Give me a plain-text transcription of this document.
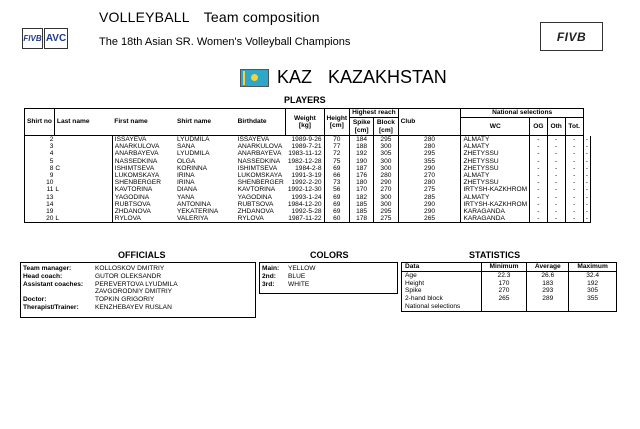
FIVB AVC
VOLLEYBALL Team composition
The 18th Asian SR. Women's Volleyball Champions	FIVB
KAZ KAZAKHSTAN
PLAYERS
Shirt no	Last name	First name	Shirt name	Birthdate	Weight [kg]	Height [cm]	Highest reach		Club	National selections				
							Spike [cm]	Block [cm]		WC	OG	Oth	Tot.	
2		ISSAYEVA	LYUDMILA	ISSAYEVA	1989-9-26	70	184	295	280	ALMATY	-	-	-	-
3		ANARKULOVA	SANA	ANARKULOVA	1989-7-21	77	188	300	280	ALMATY	-	-	-	-
4		ANARBAYEVA	LYUDMILA	ANARBAYEVA	1983-11-12	72	192	305	295	ZHETYSSU	-	-	-	-
5		NASSEDKINA	OLGA	NASSEDKINA	1982-12-28	75	190	300	355	ZHETYSSU	-	-	-	-
8	C	ISHIMTSEVA	KORINNA	ISHIMTSEVA	1984-2-8	69	187	300	290	ZHETYSSU	-	-	-	-
9		LUKOMSKAYA	IRINA	LUKOMSKAYA	1991-3-19	66	176	280	270	ALMATY	-	-	-	-
10		SHENBERGER	IRINA	SHENBERGER	1992-2-20	73	180	290	280	ZHETYSSU	-	-	-	-
11	L	KAVTORINA	DIANA	KAVTORINA	1992-12-30	56	170	270	275	IRTYSH-KAZKHROM	-	-	-	-
13		YAGODINA	YANA	YAGODINA	1993-1-24	69	182	300	285	ALMATY	-	-	-	-
14		RUBTSOVA	ANTONINA	RUBTSOVA	1984-12-20	69	185	300	290	IRTYSH-KAZKHROM	-	-	-	-
19		ZHDANOVA	YEKATERINA	ZHDANOVA	1992-5-28	69	185	295	290	KARAGANDA	-	-	-	-
20	L	RYLOVA	VALERIYA	RYLOVA	1987-11-22	60	178	275	265	KARAGANDA	-	-	-	-
OFFICIALS
Team manager:	KOLLOSKOV DMITRIY
Head coach:	GUTOR OLEKSANDR
Assistant coaches: PEREVERTOVA LYUDMILA
ZAVGORODNIY DMITRIY
Doctor:	TOPKIN GRIGORIY
Therapist/Trainer: KENZHEBAYEV RUSLAN
COLORS
Main: YELLOW
2nd: BLUE
3rd: WHITE
STATISTICS
Data	Minimum	Average	Maximum
Age	22.3	26.6	32.4
Height	170	183	192
Spike	270	293	305
2-hand block	265	289	355
National selections			
